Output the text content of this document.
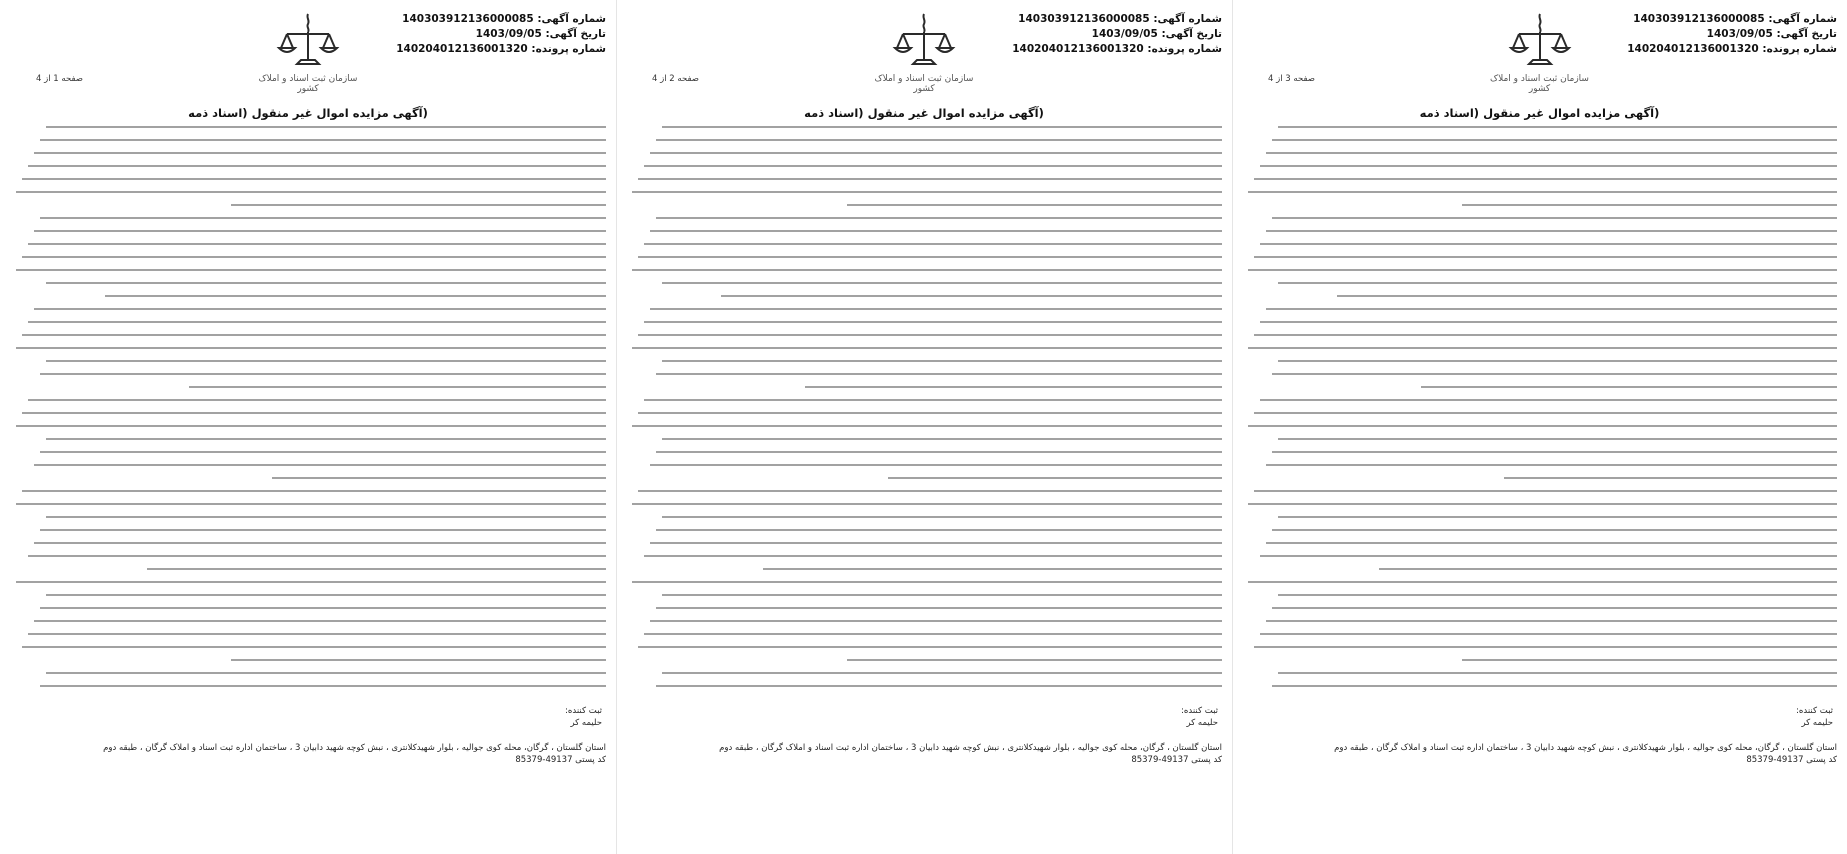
شماره آگهی: 140303912136000085
تاریخ آگهی: 1403/09/05
شماره پرونده: 140204012136001320
سازمان ثبت اسناد و املاک کشور
صفحه 1 از 4
(آگهی مزایده اموال غیر منقول (اسناد ذمه
ثبت کننده:
حلیمه کر
استان گلستان ، گرگان، محله کوی جوالیه ، بلوار شهیدکلانتری ، نبش کوچه شهید دابیان 3 ، ساختمان اداره ثبت اسناد و املاک گرگان ، طبقه دوم
کد پستی 49137-85379
شماره آگهی: 140303912136000085
تاریخ آگهی: 1403/09/05
شماره پرونده: 140204012136001320
سازمان ثبت اسناد و املاک کشور
صفحه 2 از 4
(آگهی مزایده اموال غیر منقول (اسناد ذمه
ثبت کننده:
حلیمه کر
استان گلستان ، گرگان، محله کوی جوالیه ، بلوار شهیدکلانتری ، نبش کوچه شهید دابیان 3 ، ساختمان اداره ثبت اسناد و املاک گرگان ، طبقه دوم
کد پستی 49137-85379
شماره آگهی: 140303912136000085
تاریخ آگهی: 1403/09/05
شماره پرونده: 140204012136001320
سازمان ثبت اسناد و املاک کشور
صفحه 3 از 4
(آگهی مزایده اموال غیر منقول (اسناد ذمه
ثبت کننده:
حلیمه کر
استان گلستان ، گرگان، محله کوی جوالیه ، بلوار شهیدکلانتری ، نبش کوچه شهید دابیان 3 ، ساختمان اداره ثبت اسناد و املاک گرگان ، طبقه دوم
کد پستی 49137-85379
